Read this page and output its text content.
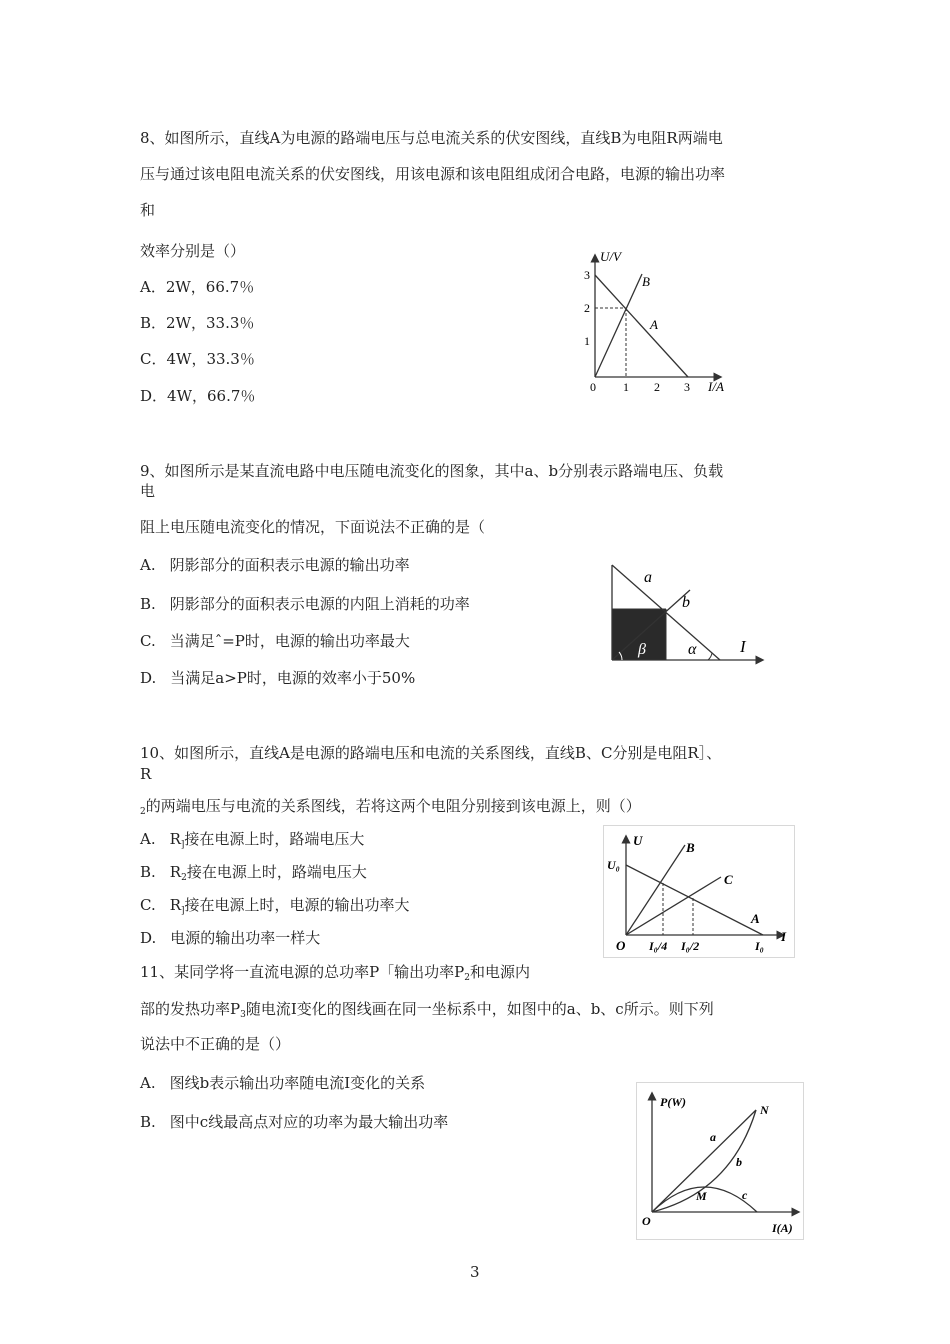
8、如图所示，直线A为电源的路端电压与总电流关系的伏安图线，直线B为电阻R两端电
压与通过该电阻电流关系的伏安图线，用该电源和该电阻组成闭合电路，电源的输出功率
和
效率分别是（）
A．2W，66.7％
B．2W，33.3％
C．4W，33.3％
D．4W，66.7％
U/V
3
2
1
0 1 2 3 I/A
B
A
9、如图所示是某直流电路中电压随电流变化的图象，其中a、b分别表示路端电压、负载
电
阻上电压随电流变化的情况，下面说法不正确的是（
A. 阴影部分的面积表示电源的输出功率
B. 阴影部分的面积表示电源的内阻上消耗的功率
C. 当满足ˆ=P时，电源的输出功率最大
D. 当满足a>P时，电源的效率小于50%
a
b
β	α	I
10、如图所示，直线A是电源的路端电压和电流的关系图线，直线B、C分别是电阻R］、
R
$_2$的两端电压与电流的关系图线，若将这两个电阻分别接到该电源上，则（）
A. $R_]$接在电源上时，路端电压大
B. $R_2$接在电源上时，路端电压大
C. $R_]$接在电源上时，电源的输出功率大
D. 电源的输出功率一样大
U
U₀
B
C
A
O I₀/4 I₀/2	I₀
I
11、某同学将一直流电源的总功率P「输出功率$P_2$和电源内
部的发热功率$P_3$随电流I变化的图线画在同一坐标系中，如图中的a、b、c所示。则下列
说法中不正确的是（）
A. 图线b表示输出功率随电流I变化的关系
B. 图中c线最高点对应的功率为最大输出功率
P(W)
N
a
b
M	c
O	I(A)
3
